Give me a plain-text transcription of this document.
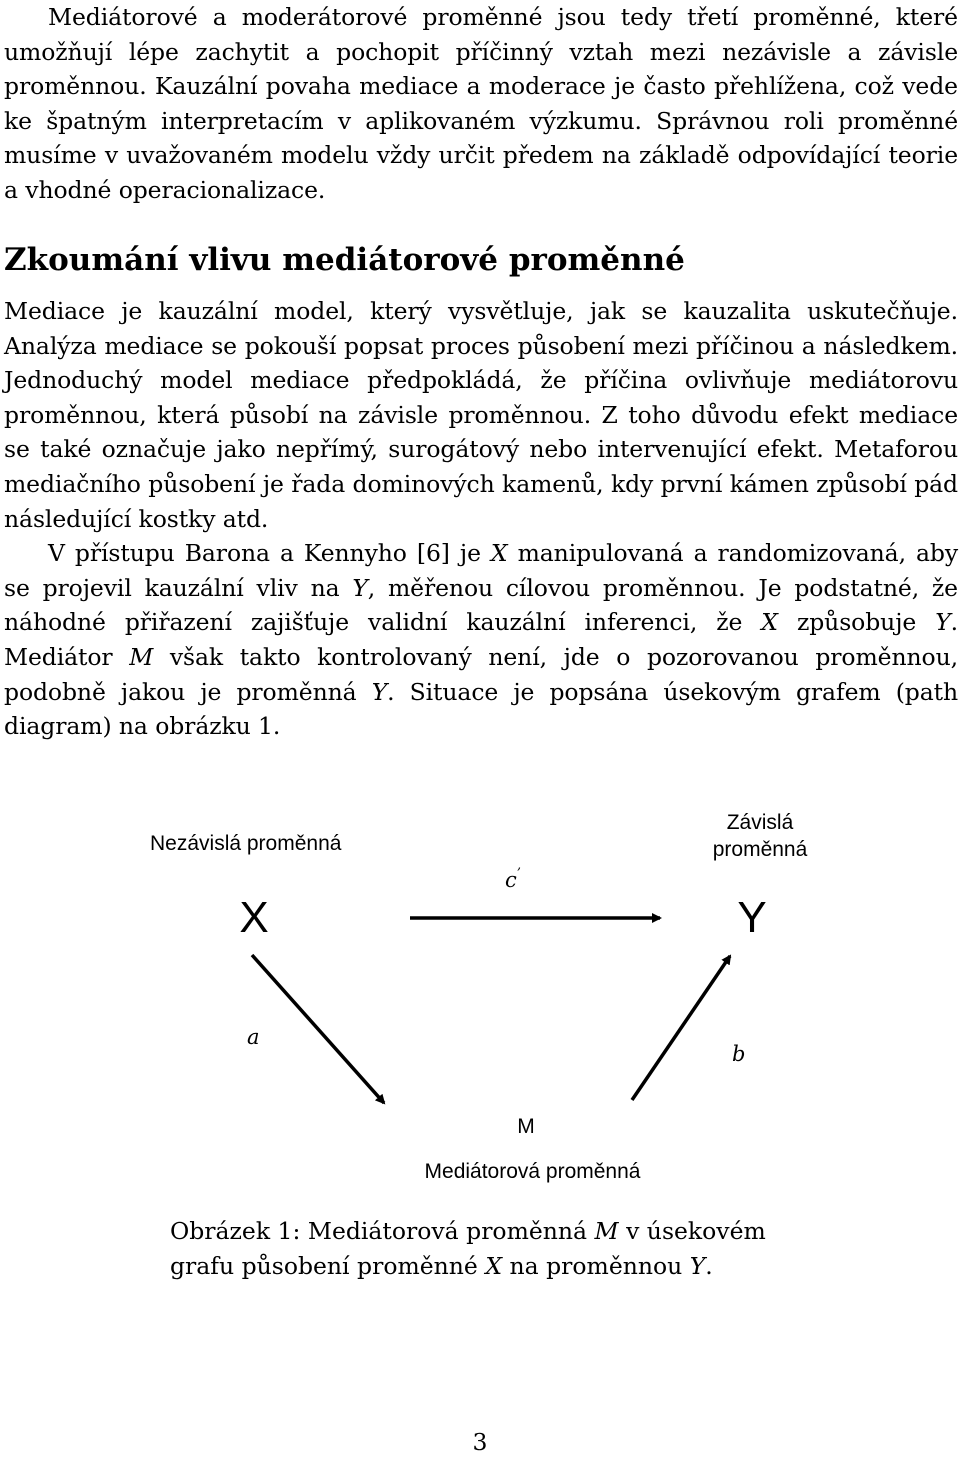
Mediátorové a moderátorové proměnné jsou tedy třetí proměnné, které umožňují lépe zachytit a pochopit příčinný vztah mezi nezávisle a závisle proměnnou. Kauzální povaha mediace a moderace je často přehlížena, což vede ke špatným interpretacím v aplikovaném výzkumu. Správnou roli proměnné musíme v uvažovaném modelu vždy určit předem na základě odpovídající teorie a vhodné operacionalizace.

Zkoumání vlivu mediátorové proměnné

Mediace je kauzální model, který vysvětluje, jak se kauzalita uskutečňuje. Analýza mediace se pokouší popsat proces působení mezi příčinou a následkem. Jednoduchý model mediace předpokládá, že příčina ovlivňuje mediátorovu proměnnou, která působí na závisle proměnnou. Z toho důvodu efekt mediace se také označuje jako nepřímý, surogátový nebo intervenující efekt. Metaforou mediačního působení je řada dominových kamenů, kdy první kámen způsobí pád následující kostky atd.

V přístupu Barona a Kennyho [6] je X manipulovaná a randomizovaná, aby se projevil kauzální vliv na Y, měřenou cílovou proměnnou. Je podstatné, že náhodné přiřazení zajišťuje validní kauzální inferenci, že X způsobuje Y. Mediátor M však takto kontrolovaný není, jde o pozorovanou proměnnou, podobně jakou je proměnná Y. Situace je popsána úsekovým grafem (path diagram) na obrázku 1.

Nezávislá proměnná
Závislá
proměnná
X	Y
M
Mediátorová proměnná
c’
a
b
Obrázek 1: Mediátorová proměnná M v úsekovém grafu působení proměnné X na proměnnou Y.
3
